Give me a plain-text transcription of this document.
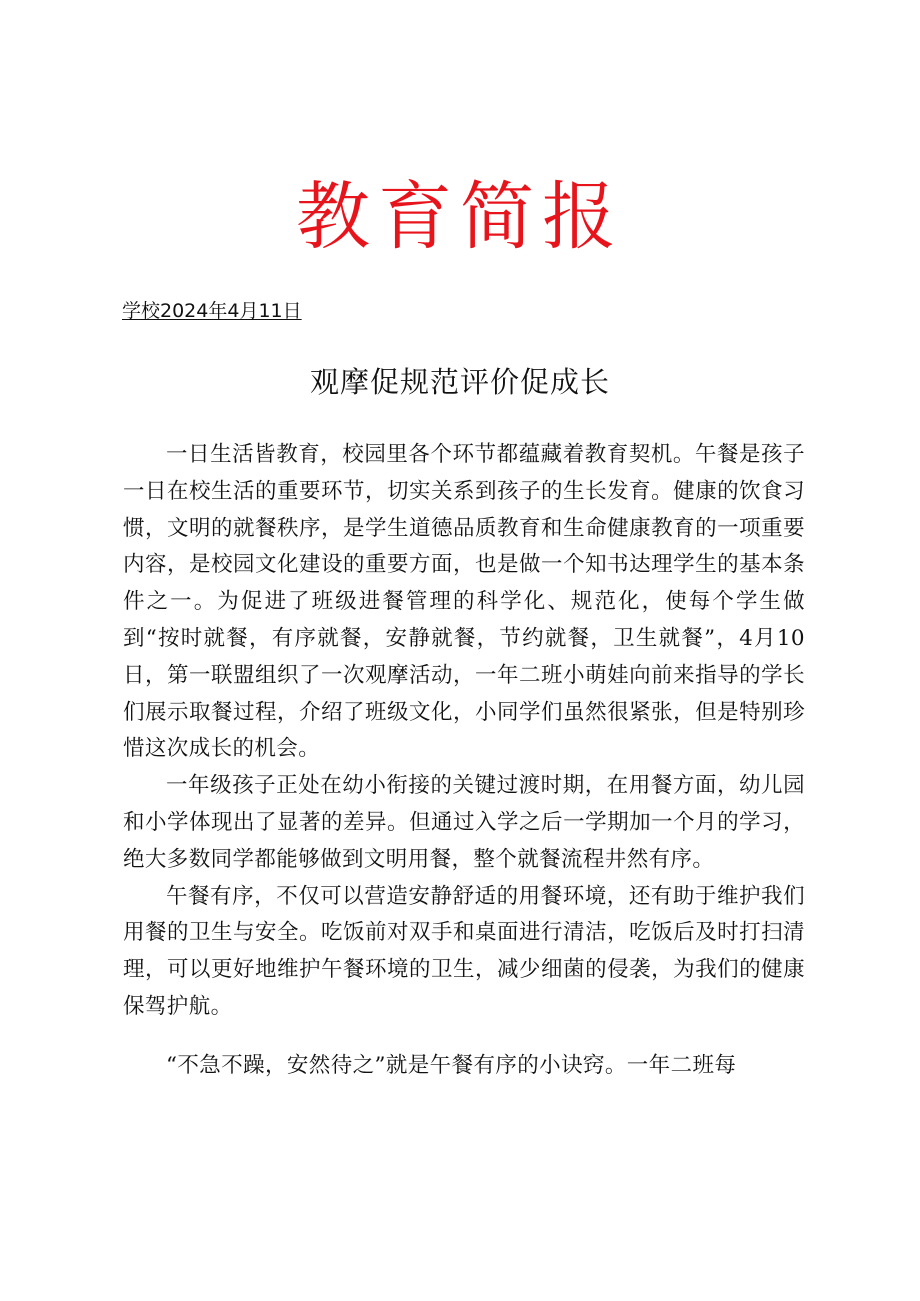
教育简报
学校2024年4月11日
观摩促规范评价促成长

一日生活皆教育，校园里各个环节都蕴藏着教育契机。午餐是孩子一日在校生活的重要环节，切实关系到孩子的生长发育。健康的饮食习惯，文明的就餐秩序，是学生道德品质教育和生命健康教育的一项重要内容，是校园文化建设的重要方面，也是做一个知书达理学生的基本条件之一。为促进了班级进餐管理的科学化、规范化，使每个学生做到“按时就餐，有序就餐，安静就餐，节约就餐，卫生就餐”，4月10日，第一联盟组织了一次观摩活动，一年二班小萌娃向前来指导的学长们展示取餐过程，介绍了班级文化，小同学们虽然很紧张，但是特别珍惜这次成长的机会。

一年级孩子正处在幼小衔接的关键过渡时期，在用餐方面，幼儿园和小学体现出了显著的差异。但通过入学之后一学期加一个月的学习，绝大多数同学都能够做到文明用餐，整个就餐流程井然有序。

午餐有序，不仅可以营造安静舒适的用餐环境，还有助于维护我们用餐的卫生与安全。吃饭前对双手和桌面进行清洁，吃饭后及时打扫清理，可以更好地维护午餐环境的卫生，减少细菌的侵袭，为我们的健康保驾护航。

“不急不躁，安然待之”就是午餐有序的小诀窍。一年二班每
